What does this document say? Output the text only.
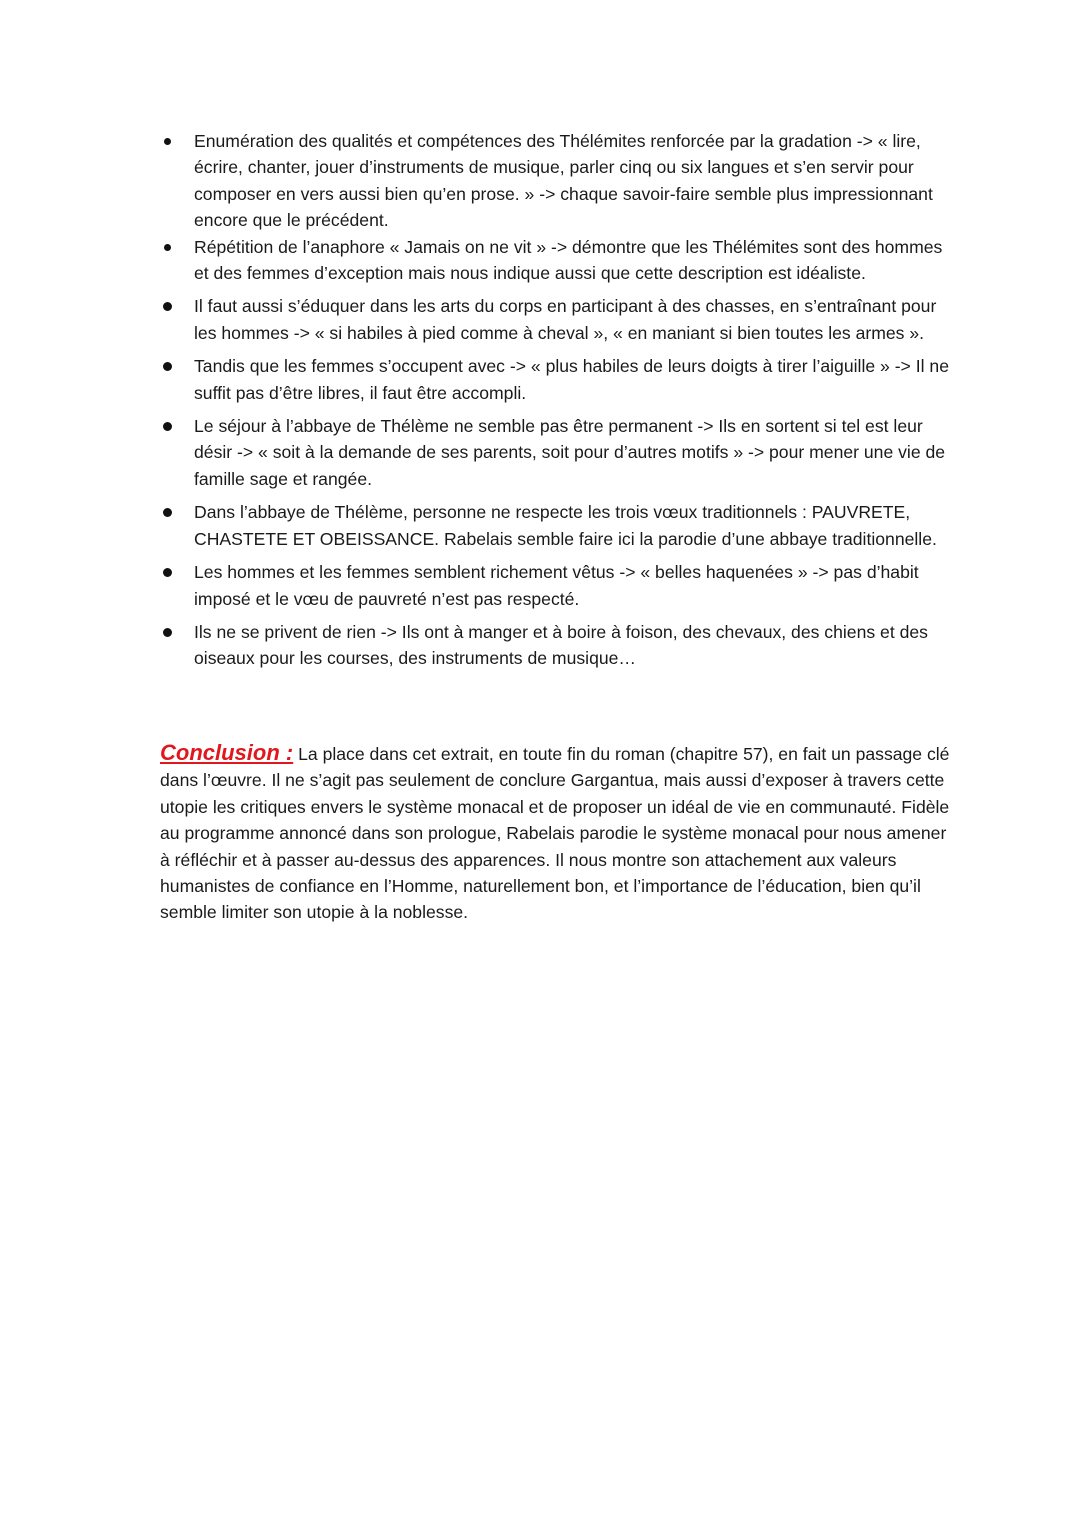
Enumération des qualités et compétences des Thélémites renforcée par la gradation -> « lire, écrire, chanter, jouer d’instruments de musique, parler cinq ou six langues et s’en servir pour composer en vers aussi bien qu’en prose. » -> chaque savoir-faire semble plus impressionnant encore que le précédent.
Répétition de l’anaphore « Jamais on ne vit » -> démontre que les Thélémites sont des hommes et des femmes d’exception mais nous indique aussi que cette description est idéaliste.
Il faut aussi s’éduquer dans les arts du corps en participant à des chasses, en s’entraînant pour les hommes -> « si habiles à pied comme à cheval », « en maniant si bien toutes les armes ».
Tandis que les femmes s’occupent avec -> « plus habiles de leurs doigts à tirer l’aiguille » -> Il ne suffit pas d’être libres, il faut être accompli.
Le séjour à l’abbaye de Thélème ne semble pas être permanent -> Ils en sortent si tel est leur désir -> « soit à la demande de ses parents, soit pour d’autres motifs » -> pour mener une vie de famille sage et rangée.
Dans l’abbaye de Thélème, personne ne respecte les trois vœux traditionnels : PAUVRETE, CHASTETE ET OBEISSANCE. Rabelais semble faire ici la parodie d’une abbaye traditionnelle.
Les hommes et les femmes semblent richement vêtus -> « belles haquenées » -> pas d’habit imposé et le vœu de pauvreté n’est pas respecté.
Ils ne se privent de rien -> Ils ont à manger et à boire à foison, des chevaux, des chiens et des oiseaux pour les courses, des instruments de musique…

Conclusion : La place dans cet extrait, en toute fin du roman (chapitre 57), en fait un passage clé dans l’œuvre. Il ne s’agit pas seulement de conclure Gargantua, mais aussi d’exposer à travers cette utopie les critiques envers le système monacal et de proposer un idéal de vie en communauté. Fidèle au programme annoncé dans son prologue, Rabelais parodie le système monacal pour nous amener à réfléchir et à passer au-dessus des apparences. Il nous montre son attachement aux valeurs humanistes de confiance en l’Homme, naturellement bon, et l’importance de l’éducation, bien qu’il semble limiter son utopie à la noblesse.
